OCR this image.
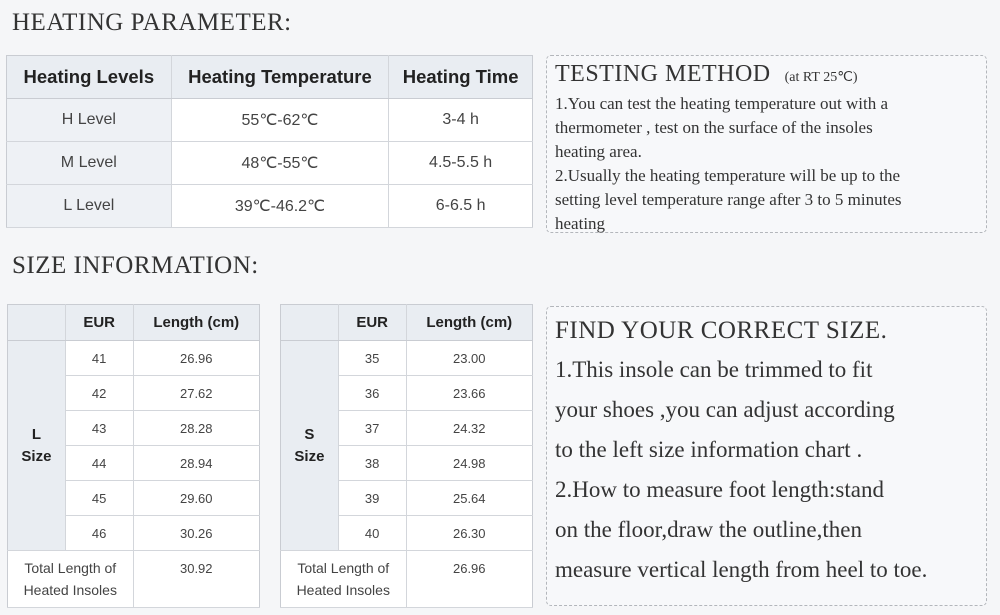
HEATING PARAMETER:
Heating Levels	Heating Temperature	Heating Time
H Level	55℃-62℃	3-4 h
M Level	48℃-55℃	4.5-5.5 h
L Level	39℃-46.2℃	6-6.5 h
TESTING METHOD (at RT 25℃)
1.You can test the heating temperature out with a
thermometer , test on the surface of the insoles
heating area.
2.Usually the heating temperature will be up to the
setting level temperature range after 3 to 5 minutes
heating
SIZE INFORMATION:
	EUR	Length (cm)

L
Size	41	26.96
	42	27.62
	43	28.28
	44	28.94
	45	29.60
	46	30.26

Total Length of
Heated Insoles		30.92
	EUR	Length (cm)

S
Size	35	23.00
	36	23.66
	37	24.32
	38	24.98
	39	25.64
	40	26.30

Total Length of
Heated Insoles		26.96
FIND YOUR CORRECT SIZE.
1.This insole can be trimmed to fit
your shoes ,you can adjust according
to the left size information chart .
2.How to measure foot length:stand
on the floor,draw the outline,then
measure vertical length from heel to toe.
